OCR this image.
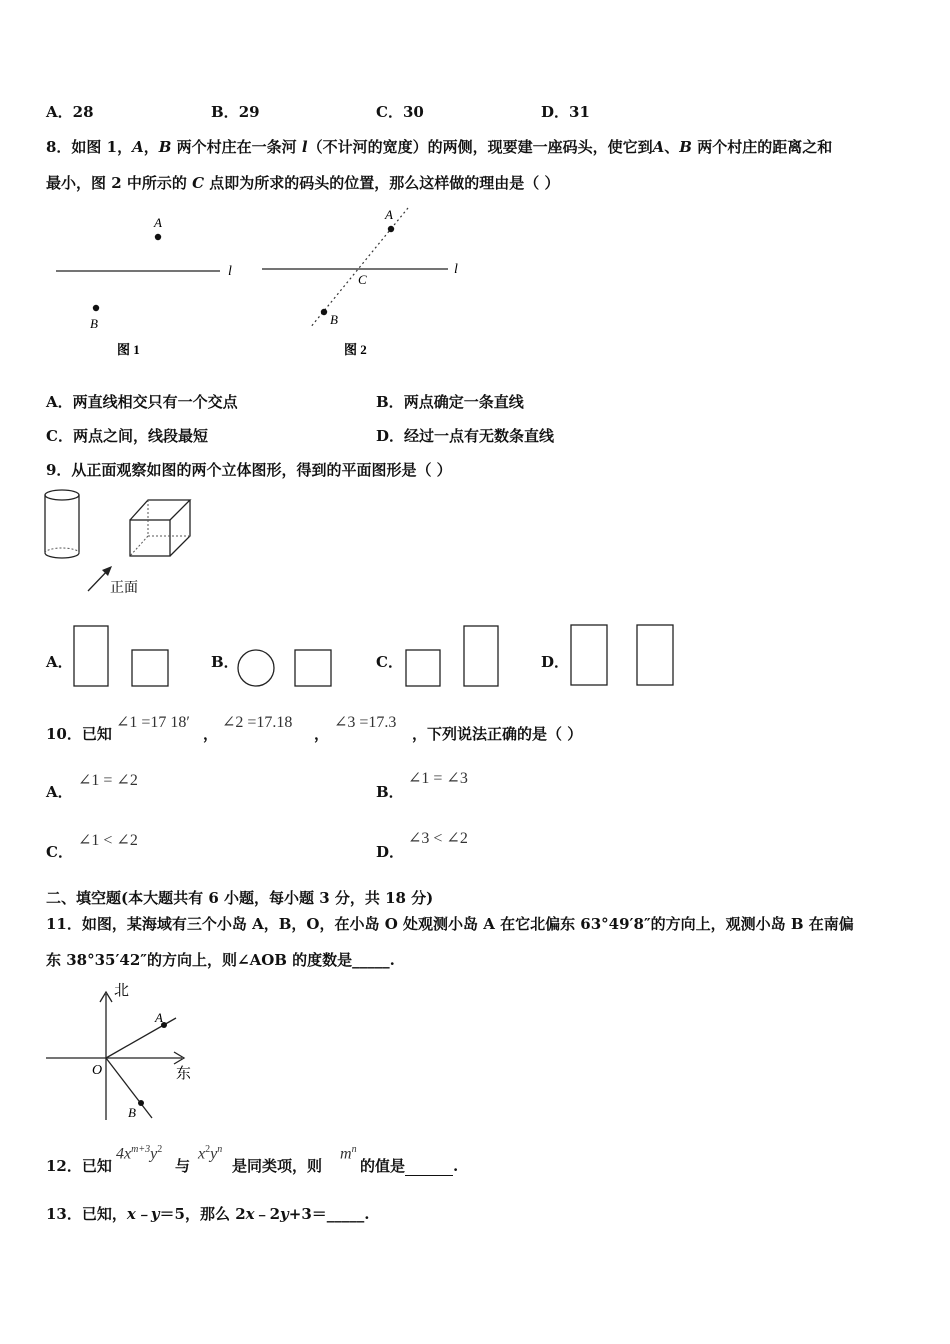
A．28	B．29	C．30	D．31
8．如图 1，A，B 两个村庄在一条河 l（不计河的宽度）的两侧，现要建一座码头，使它到A、B 两个村庄的距离之和
最小，图 2 中所示的 C 点即为所求的码头的位置，那么这样做的理由是（ ）
A
B
l
图 1
A
B
C
l
图 2
A．两直线相交只有一个交点	B．两点确定一条直线
C．两点之间，线段最短	D．经过一点有无数条直线
9．从正面观察如图的两个立体图形，得到的平面图形是（ ）
正面
A．	B．	C．	D．
10．已知
∠1 =17 18′
，
∠2 =17.18
，
∠3 =17.3
，下列说法正确的是（ ）
A．
∠1 = ∠2
B．
∠1 = ∠3
C．
∠1 < ∠2
D．
∠3 < ∠2
二、填空题(本大题共有 6 小题，每小题 3 分，共 18 分)
11．如图，某海域有三个小岛 A，B，O，在小岛 O 处观测小岛 A 在它北偏东 63°49′8″的方向上，观测小岛 B 在南偏
东 38°35′42″的方向上，则∠AOB 的度数是_____.
北
东
O
A
B
12．已知
$4x^{m+3}y^2$
与
$x^2y^n$
是同类项，则
$m^n$
的值是	.
13．已知，x﹣y＝5，那么 2x﹣2y+3＝_____.
